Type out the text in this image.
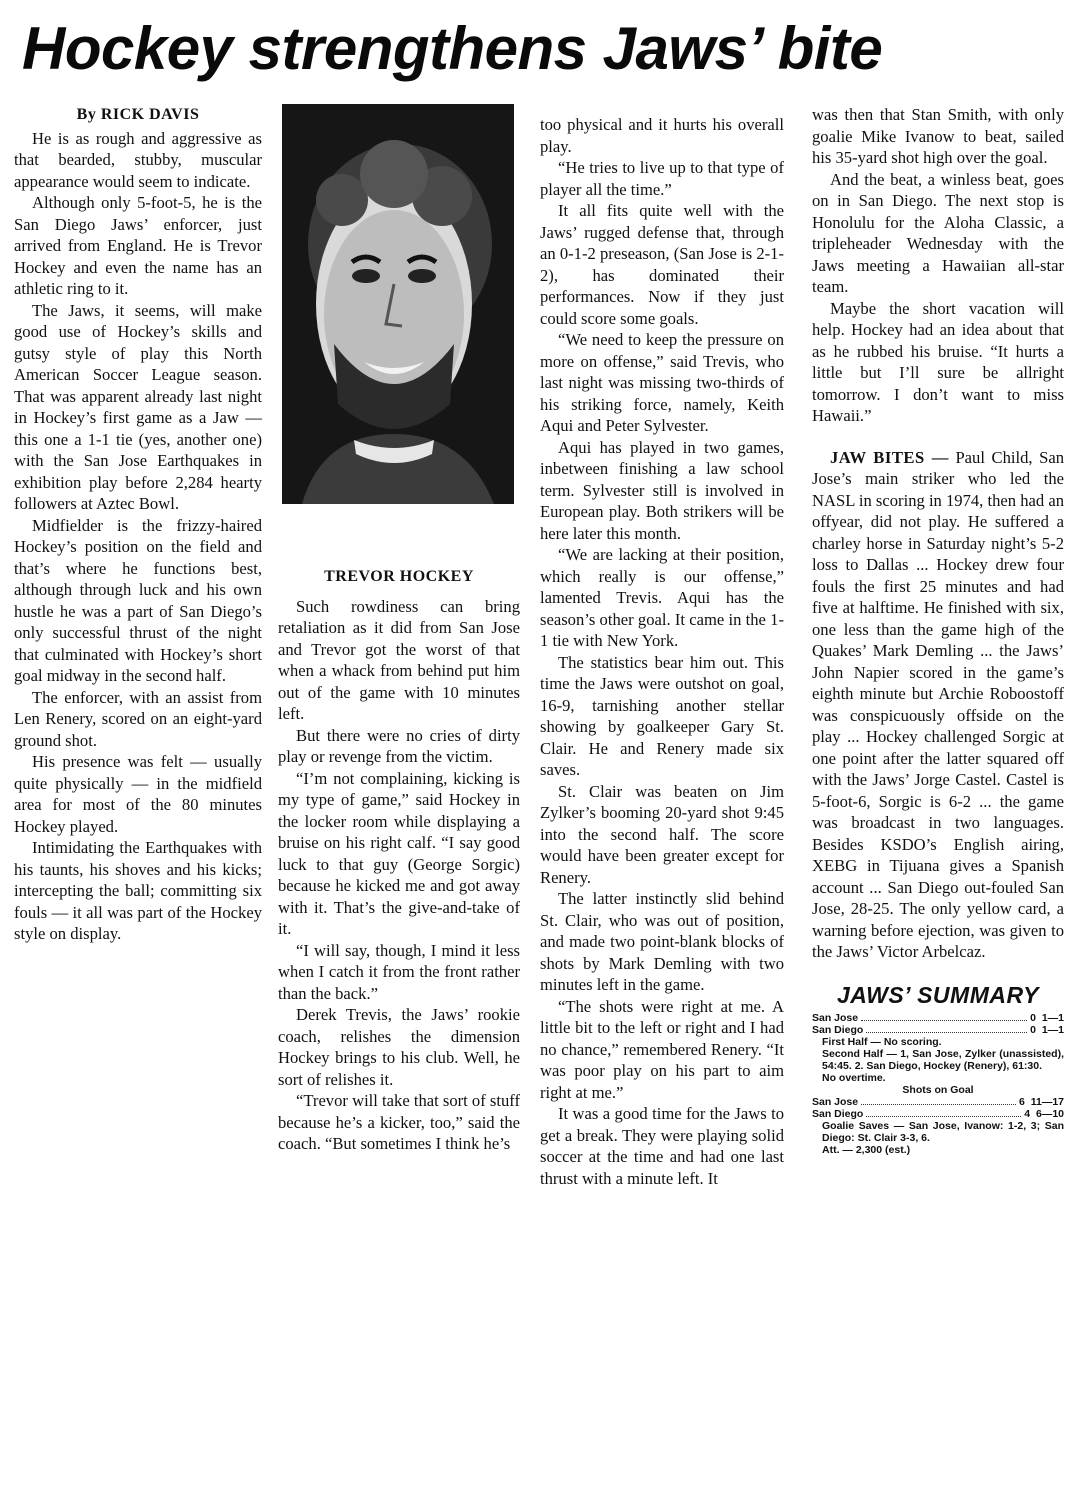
Hockey strengthens Jaws’ bite
By RICK DAVIS

He is as rough and aggressive as that bearded, stubby, muscular appearance would seem to indicate.

Although only 5-foot-5, he is the San Diego Jaws’ enforcer, just arrived from England. He is Trevor Hockey and even the name has an athletic ring to it.

The Jaws, it seems, will make good use of Hockey’s skills and gutsy style of play this North American Soccer League season. That was apparent already last night in Hockey’s first game as a Jaw — this one a 1-1 tie (yes, another one) with the San Jose Earthquakes in exhibition play before 2,284 hearty followers at Aztec Bowl.

Midfielder is the frizzy-haired Hockey’s position on the field and that’s where he functions best, although through luck and his own hustle he was a part of San Diego’s only successful thrust of the night that culminated with Hockey’s short goal midway in the second half.

The enforcer, with an assist from Len Renery, scored on an eight-yard ground shot.

His presence was felt — usually quite physically — in the midfield area for most of the 80 minutes Hockey played.

Intimidating the Earthquakes with his taunts, his shoves and his kicks; intercepting the ball; committing six fouls — it all was part of the Hockey style on display.

TREVOR HOCKEY

Such rowdiness can bring retaliation as it did from San Jose and Trevor got the worst of that when a whack from behind put him out of the game with 10 minutes left.

But there were no cries of dirty play or revenge from the victim.

“I’m not complaining, kicking is my type of game,” said Hockey in the locker room while displaying a bruise on his right calf. “I say good luck to that guy (George Sorgic) because he kicked me and got away with it. That’s the give-and-take of it.

“I will say, though, I mind it less when I catch it from the front rather than the back.”

Derek Trevis, the Jaws’ rookie coach, relishes the dimension Hockey brings to his club. Well, he sort of relishes it.

“Trevor will take that sort of stuff because he’s a kicker, too,” said the coach. “But sometimes I think he’s

too physical and it hurts his overall play.

“He tries to live up to that type of player all the time.”

It all fits quite well with the Jaws’ rugged defense that, through an 0-1-2 preseason, (San Jose is 2-1-2), has dominated their performances. Now if they just could score some goals.

“We need to keep the pressure on more on offense,” said Trevis, who last night was missing two-thirds of his striking force, namely, Keith Aqui and Peter Sylvester.

Aqui has played in two games, inbetween finishing a law school term. Sylvester still is involved in European play. Both strikers will be here later this month.

“We are lacking at their position, which really is our offense,” lamented Trevis. Aqui has the season’s other goal. It came in the 1-1 tie with New York.

The statistics bear him out. This time the Jaws were outshot on goal, 16-9, tarnishing another stellar showing by goalkeeper Gary St. Clair. He and Renery made six saves.

St. Clair was beaten on Jim Zylker’s booming 20-yard shot 9:45 into the second half. The score would have been greater except for Renery.

The latter instinctly slid behind St. Clair, who was out of position, and made two point-blank blocks of shots by Mark Demling with two minutes left in the game.

“The shots were right at me. A little bit to the left or right and I had no chance,” remembered Renery. “It was poor play on his part to aim right at me.”

It was a good time for the Jaws to get a break. They were playing solid soccer at the time and had one last thrust with a minute left. It

was then that Stan Smith, with only goalie Mike Ivanow to beat, sailed his 35-yard shot high over the goal.

And the beat, a winless beat, goes on in San Diego. The next stop is Honolulu for the Aloha Classic, a tripleheader Wednesday with the Jaws meeting a Hawaiian all-star team.

Maybe the short vacation will help. Hockey had an idea about that as he rubbed his bruise. “It hurts a little but I’ll sure be allright tomorrow. I don’t want to miss Hawaii.”

JAW BITES — Paul Child, San Jose’s main striker who led the NASL in scoring in 1974, then had an offyear, did not play. He suffered a charley horse in Saturday night’s 5-2 loss to Dallas ... Hockey drew four fouls the first 25 minutes and had five at halftime. He finished with six, one less than the game high of the Quakes’ Mark Demling ... the Jaws’ John Napier scored in the game’s eighth minute but Archie Roboostoff was conspicuously offside on the play ... Hockey challenged Sorgic at one point after the latter squared off with the Jaws’ Jorge Castel. Castel is 5-foot-6, Sorgic is 6-2 ... the game was broadcast in two languages. Besides KSDO’s English airing, XEBG in Tijuana gives a Spanish account ... San Diego out-fouled San Jose, 28-25. The only yellow card, a warning before ejection, was given to the Jaws’ Victor Arbelcaz.

JAWS’ SUMMARY
San Jose	0 1—1
San Diego	0 1—1
First Half — No scoring.
Second Half — 1, San Jose, Zylker (unassisted), 54:45. 2. San Diego, Hockey (Renery), 61:30.
No overtime.
Shots on Goal
San Jose	6 11—17
San Diego	4 6—10
Goalie Saves — San Jose, Ivanow: 1-2, 3; San Diego: St. Clair 3-3, 6.
Att. — 2,300 (est.)
